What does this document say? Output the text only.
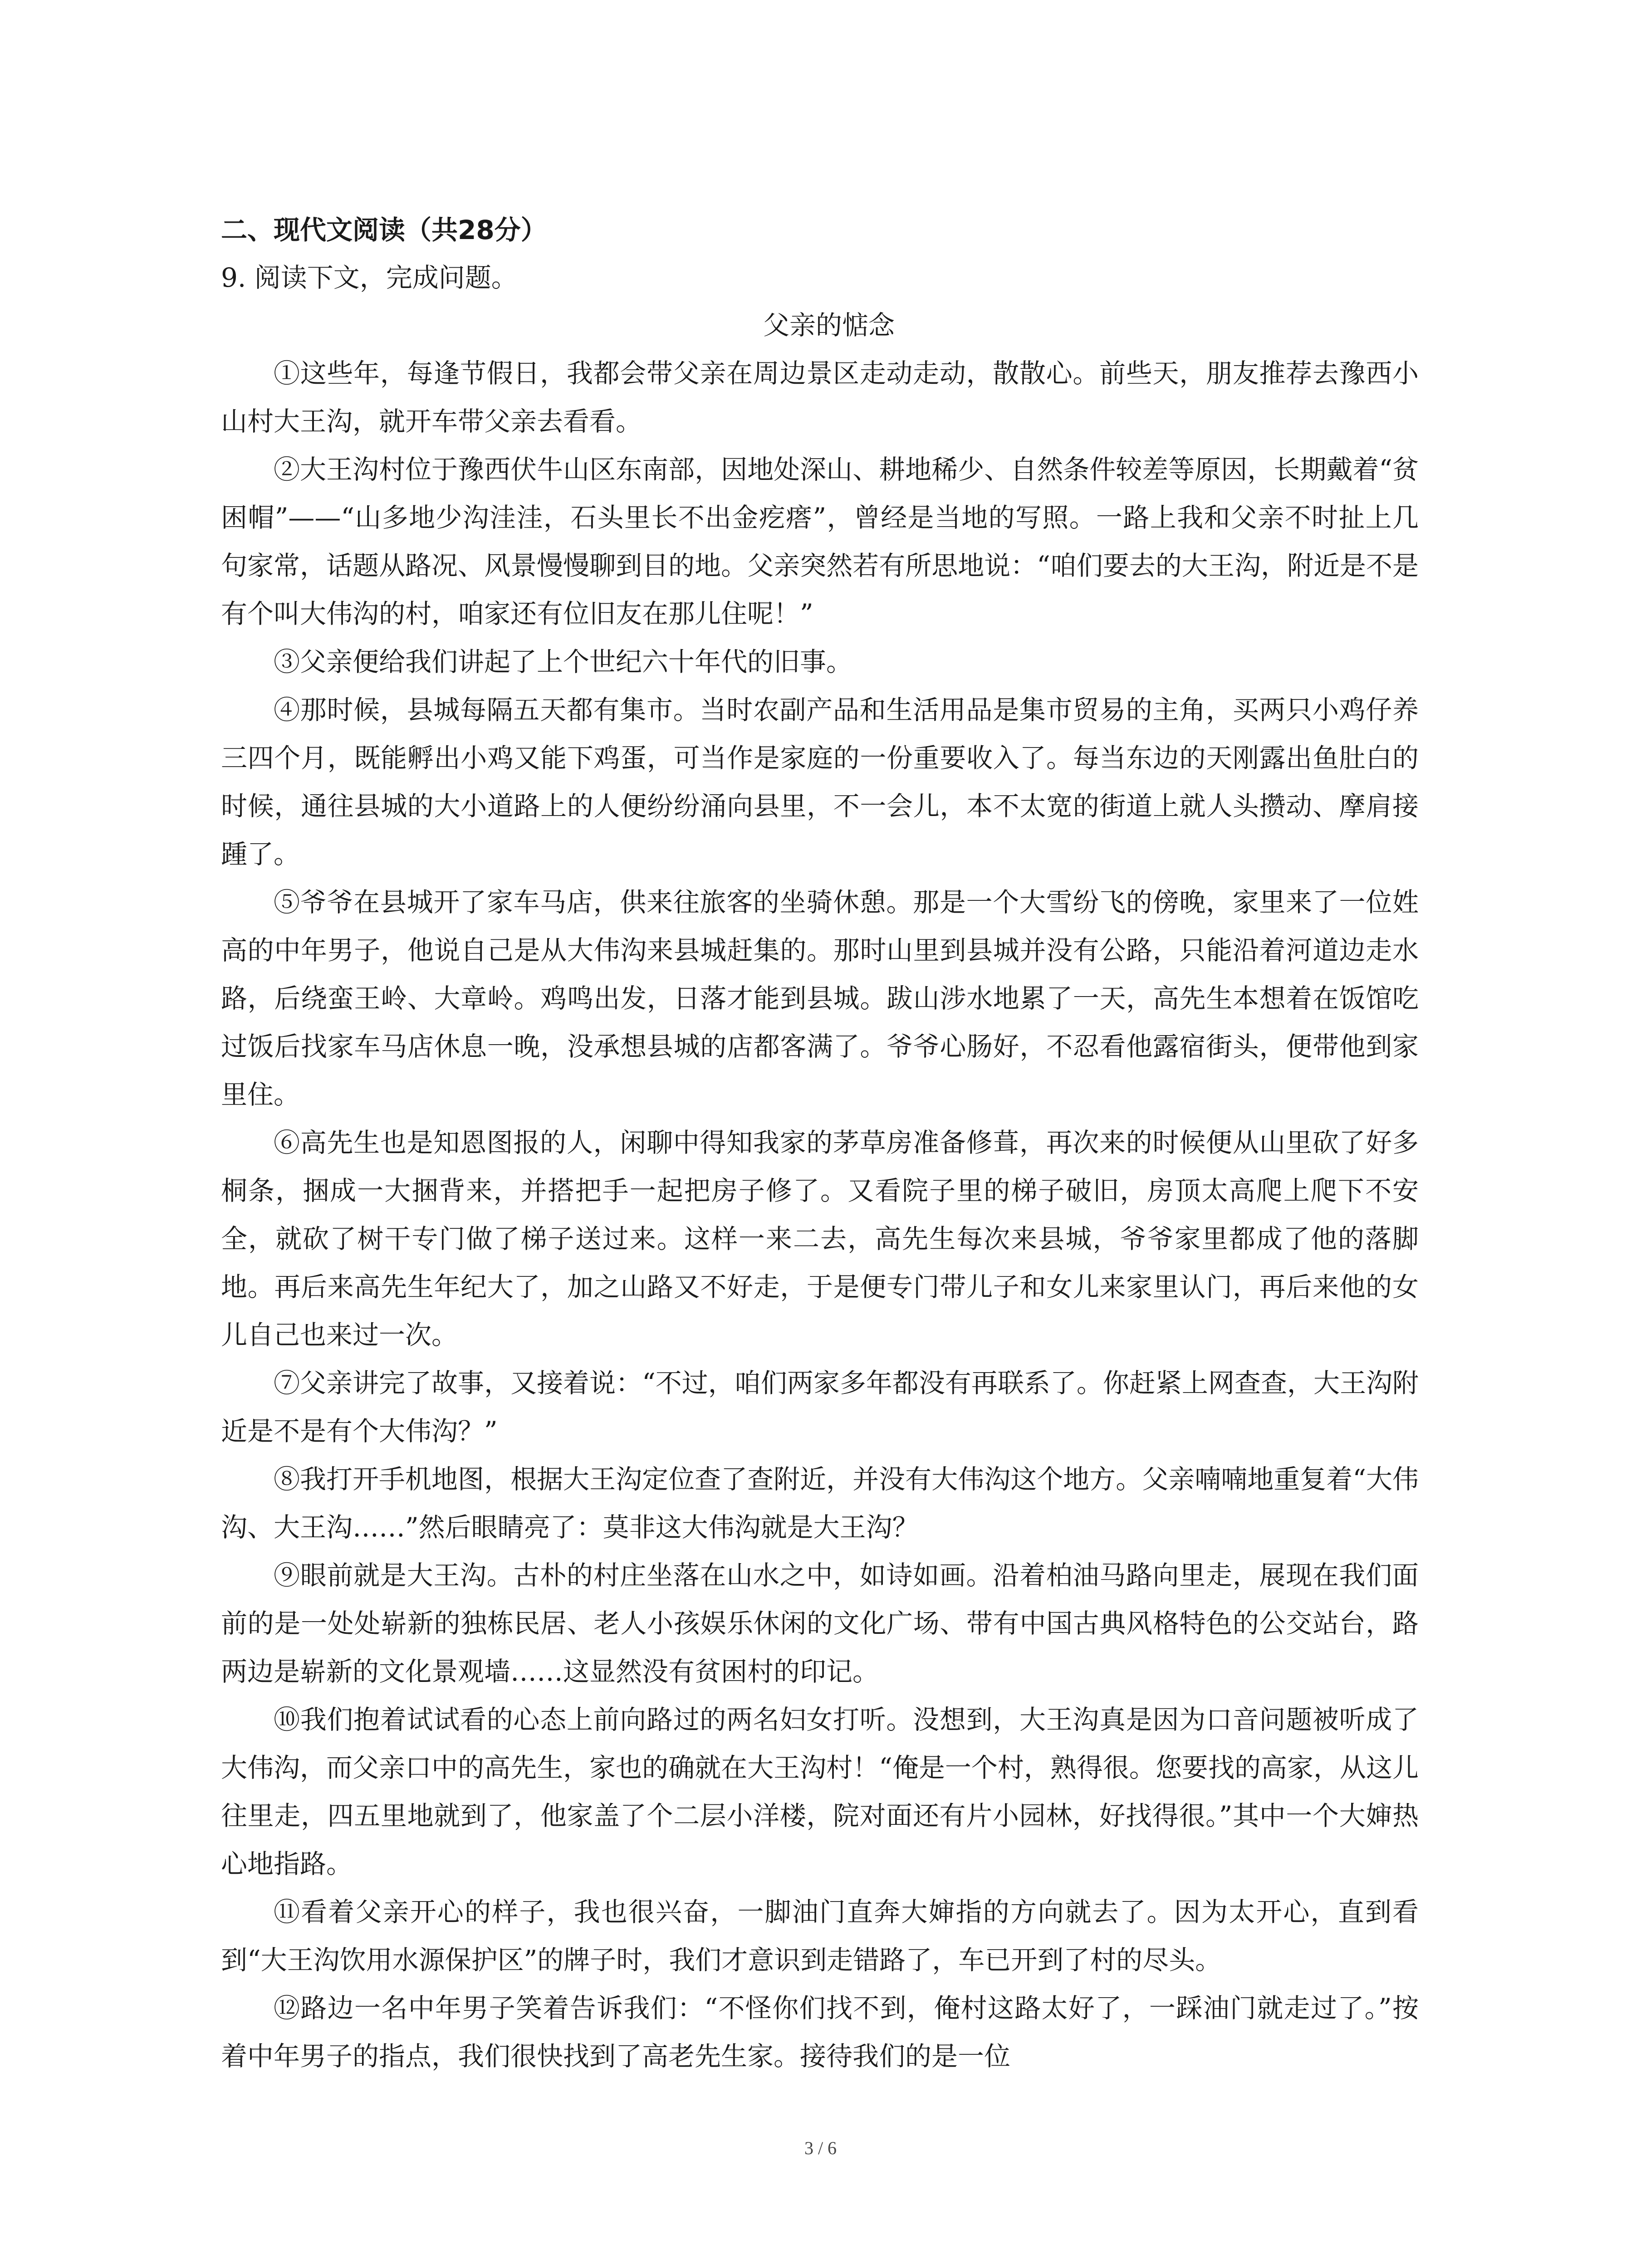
二、现代文阅读（共28分）

9. 阅读下文，完成问题。

父亲的惦念

①这些年，每逢节假日，我都会带父亲在周边景区走动走动，散散心。前些天，朋友推荐去豫西小山村大王沟，就开车带父亲去看看。

②大王沟村位于豫西伏牛山区东南部，因地处深山、耕地稀少、自然条件较差等原因，长期戴着“贫困帽”——“山多地少沟洼洼，石头里长不出金疙瘩”，曾经是当地的写照。一路上我和父亲不时扯上几句家常，话题从路况、风景慢慢聊到目的地。父亲突然若有所思地说：“咱们要去的大王沟，附近是不是有个叫大伟沟的村，咱家还有位旧友在那儿住呢！”

③父亲便给我们讲起了上个世纪六十年代的旧事。

④那时候，县城每隔五天都有集市。当时农副产品和生活用品是集市贸易的主角，买两只小鸡仔养三四个月，既能孵出小鸡又能下鸡蛋，可当作是家庭的一份重要收入了。每当东边的天刚露出鱼肚白的时候，通往县城的大小道路上的人便纷纷涌向县里，不一会儿，本不太宽的街道上就人头攒动、摩肩接踵了。

⑤爷爷在县城开了家车马店，供来往旅客的坐骑休憩。那是一个大雪纷飞的傍晚，家里来了一位姓高的中年男子，他说自己是从大伟沟来县城赶集的。那时山里到县城并没有公路，只能沿着河道边走水路，后绕蛮王岭、大章岭。鸡鸣出发，日落才能到县城。跋山涉水地累了一天，高先生本想着在饭馆吃过饭后找家车马店休息一晚，没承想县城的店都客满了。爷爷心肠好，不忍看他露宿街头，便带他到家里住。

⑥高先生也是知恩图报的人，闲聊中得知我家的茅草房准备修葺，再次来的时候便从山里砍了好多桐条，捆成一大捆背来，并搭把手一起把房子修了。又看院子里的梯子破旧，房顶太高爬上爬下不安全，就砍了树干专门做了梯子送过来。这样一来二去，高先生每次来县城，爷爷家里都成了他的落脚地。再后来高先生年纪大了，加之山路又不好走，于是便专门带儿子和女儿来家里认门，再后来他的女儿自己也来过一次。

⑦父亲讲完了故事，又接着说：“不过，咱们两家多年都没有再联系了。你赶紧上网查查，大王沟附近是不是有个大伟沟？”

⑧我打开手机地图，根据大王沟定位查了查附近，并没有大伟沟这个地方。父亲喃喃地重复着“大伟沟、大王沟……”然后眼睛亮了：莫非这大伟沟就是大王沟？

⑨眼前就是大王沟。古朴的村庄坐落在山水之中，如诗如画。沿着柏油马路向里走，展现在我们面前的是一处处崭新的独栋民居、老人小孩娱乐休闲的文化广场、带有中国古典风格特色的公交站台，路两边是崭新的文化景观墙……这显然没有贫困村的印记。

⑩我们抱着试试看的心态上前向路过的两名妇女打听。没想到，大王沟真是因为口音问题被听成了大伟沟，而父亲口中的高先生，家也的确就在大王沟村！“俺是一个村，熟得很。您要找的高家，从这儿往里走，四五里地就到了，他家盖了个二层小洋楼，院对面还有片小园林，好找得很。”其中一个大婶热心地指路。

⑪看着父亲开心的样子，我也很兴奋，一脚油门直奔大婶指的方向就去了。因为太开心，直到看到“大王沟饮用水源保护区”的牌子时，我们才意识到走错路了，车已开到了村的尽头。

⑫路边一名中年男子笑着告诉我们：“不怪你们找不到，俺村这路太好了，一踩油门就走过了。”按着中年男子的指点，我们很快找到了高老先生家。接待我们的是一位

3 / 6
